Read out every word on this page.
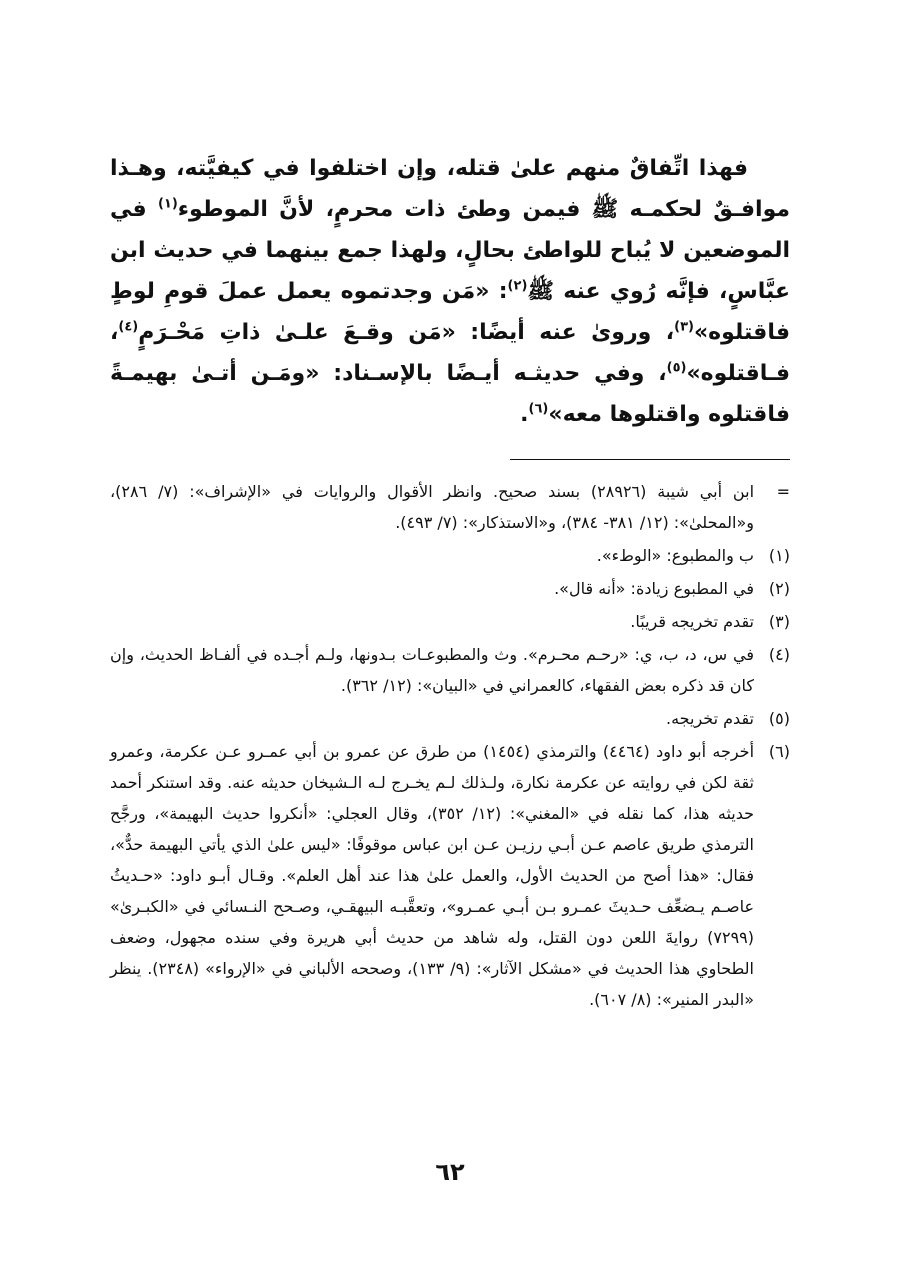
فهذا اتِّفاقٌ منهم علىٰ قتله، وإن اختلفوا في كيفيَّته، وهـذا موافـقٌ لحكمـه ﷺ فيمن وطئ ذات محرمٍ، لأنَّ الموطوء$^{(١)}$ في الموضعين لا يُباح للواطئ بحالٍ، ولهذا جمع بينهما في حديث ابن عبَّاسٍ، فإنَّه رُوي عنه ﷺ$^{(٢)}$: «مَن وجدتموه يعمل عملَ قومِ لوطٍ فاقتلوه»$^{(٣)}$، وروىٰ عنه أيضًا: «مَن وقـعَ علـىٰ ذاتِ مَحْـرَمٍ$^{(٤)}$، فـاقتلوه»$^{(٥)}$، وفي حديثـه أيـضًا بالإسـناد: «ومَـن أتـىٰ بهيمـةً فاقتلوه واقتلوها معه»$^{(٦)}$.

=
ابن أبي شيبة (٢٨٩٢٦) بسند صحيح. وانظر الأقوال والروايات في «الإشراف»: (٧/ ٢٨٦)، و«المحلىٰ»: (١٢/ ٣٨١- ٣٨٤)، و«الاستذكار»: (٧/ ٤٩٣).
(١)
ب والمطبوع: «الوطء».
(٢)
في المطبوع زيادة: «أنه قال».
(٣)
تقدم تخريجه قريبًا.
(٤)
في س، د، ب، ي: «رحـم محـرم». وث والمطبوعـات بـدونها، ولـم أجـده في ألفـاظ الحديث، وإن كان قد ذكره بعض الفقهاء، كالعمراني في «البيان»: (١٢/ ٣٦٢).
(٥)
تقدم تخريجه.
(٦)
أخرجه أبو داود (٤٤٦٤) والترمذي (١٤٥٤) من طرق عن عمرو بن أبي عمـرو عـن عكرمة، وعمرو ثقة لكن في روايته عن عكرمة نكارة، ولـذلك لـم يخـرج لـه الـشيخان حديثه عنه. وقد استنكر أحمد حديثه هذا، كما نقله في «المغني»: (١٢/ ٣٥٢)، وقال العجلي: «أنكروا حديث البهيمة»، ورجَّح الترمذي طريق عاصم عـن أبـي رزيـن عـن ابن عباس موقوفًا: «ليس علىٰ الذي يأتي البهيمة حدٌّ»، فقال: «هذا أصح من الحديث الأول، والعمل علىٰ هذا عند أهل العلم». وقـال أبـو داود: «حـديثُ عاصـم يـضعِّف حـديثَ عمـرو بـن أبـي عمـرو»، وتعقَّبـه البيهقـي، وصـحح النـسائي في «الكبـرىٰ» (٧٢٩٩) روايةَ اللعن دون القتل، وله شاهد من حديث أبي هريرة وفي سنده مجهول، وضعف الطحاوي هذا الحديث في «مشكل الآثار»: (٩/ ١٣٣)، وصححه الألباني في «الإرواء» (٢٣٤٨). ينظر «البدر المنير»: (٨/ ٦٠٧).
٦٢
